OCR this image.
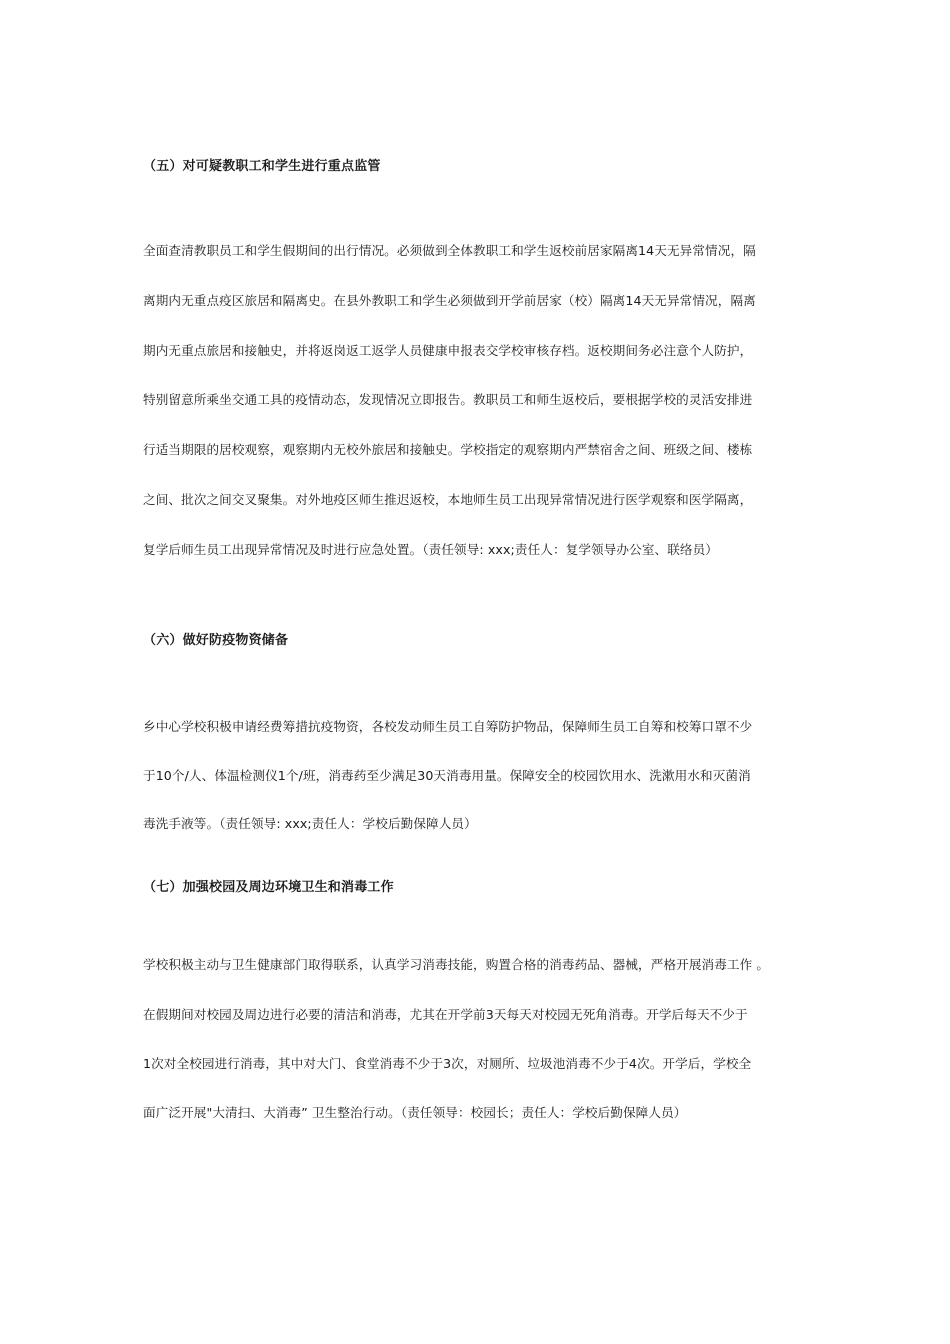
（五）对可疑教职工和学生进行重点监管
全面查清教职员工和学生假期间的出行情况。必须做到全体教职工和学生返校前居家隔离14天无异常情况，隔
离期内无重点疫区旅居和隔离史。在县外教职工和学生必须做到开学前居家（校）隔离14天无异常情况，隔离
期内无重点旅居和接触史，并将返岗返工返学人员健康申报表交学校审核存档。返校期间务必注意个人防护，
特别留意所乘坐交通工具的疫情动态，发现情况立即报告。教职员工和师生返校后，要根据学校的灵活安排进
行适当期限的居校观察，观察期内无校外旅居和接触史。学校指定的观察期内严禁宿舍之间、班级之间、楼栋
之间、批次之间交叉聚集。对外地疫区师生推迟返校，本地师生员工出现异常情况进行医学观察和医学隔离，
复学后师生员工出现异常情况及时进行应急处置。（责任领导: xxx;责任人：复学领导办公室、联络员）
（六）做好防疫物资储备
乡中心学校积极申请经费筹措抗疫物资，各校发动师生员工自筹防护物品，保障师生员工自筹和校筹口罩不少
于10个/人、体温检测仪1个/班，消毒药至少满足30天消毒用量。保障安全的校园饮用水、洗漱用水和灭菌消
毒洗手液等。（责任领导: xxx;责任人：学校后勤保障人员）
（七）加强校园及周边环境卫生和消毒工作
学校积极主动与卫生健康部门取得联系，认真学习消毒技能，购置合格的消毒药品、器械，严格开展消毒工作 。
在假期间对校园及周边进行必要的清洁和消毒，尤其在开学前3天每天对校园无死角消毒。开学后每天不少于
1次对全校园进行消毒，其中对大门、食堂消毒不少于3次，对厕所、垃圾池消毒不少于4次。开学后，学校全
面广泛开展"大清扫、大消毒” 卫生整治行动。（责任领导：校园长；责任人：学校后勤保障人员）
